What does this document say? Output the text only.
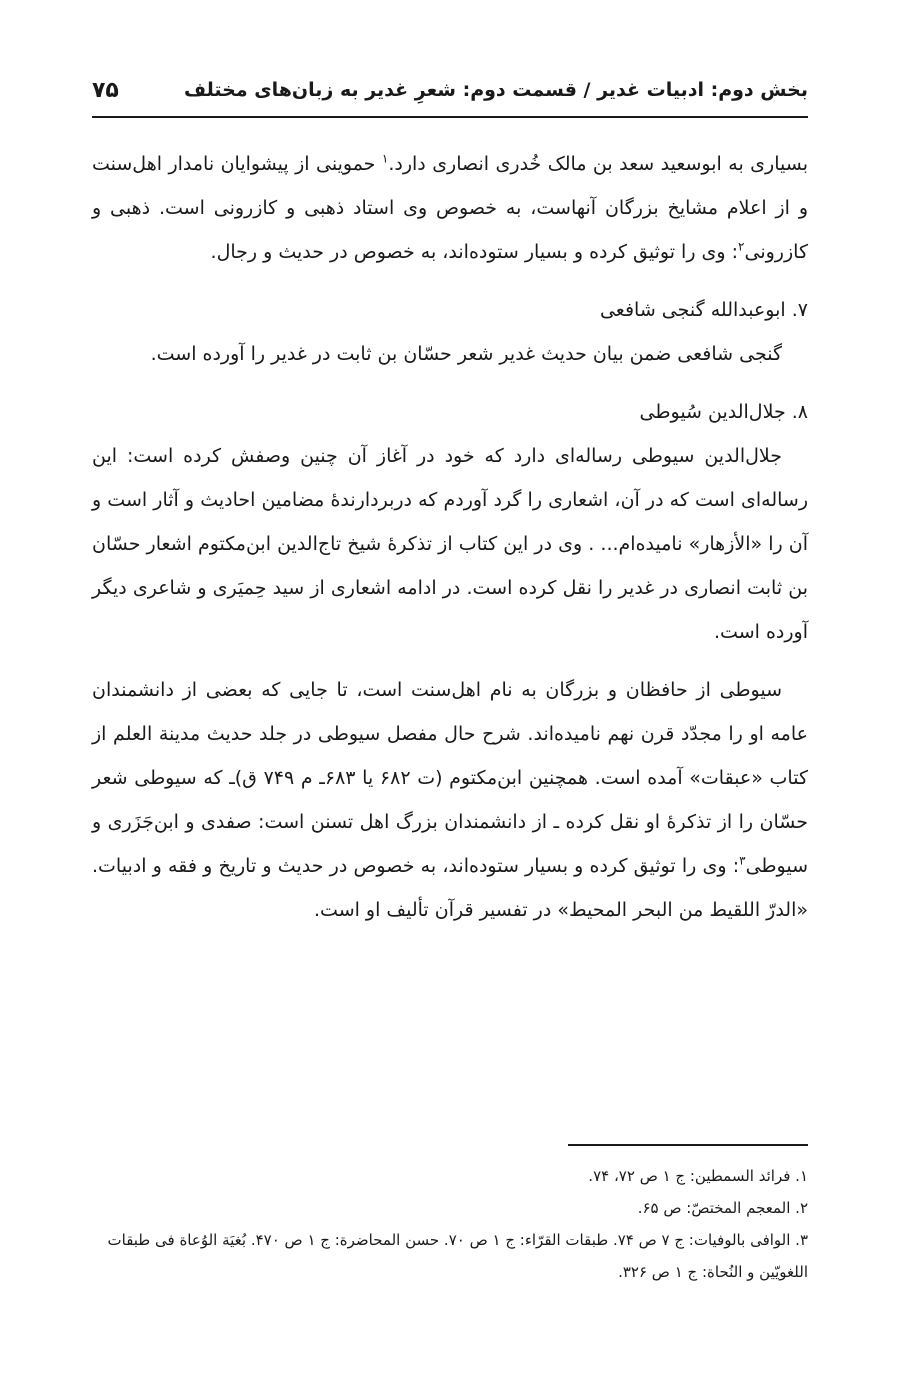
بخش دوم: ادبیات غدیر / قسمت دوم: شعرِ غدیر به زبان‌های مختلف
۷۵

بسیاری به ابوسعید سعد بن مالک خُدری انصاری دارد.$^۱$ حموینی از پیشوایان نامدار اهل‌سنت و از اعلام مشایخ بزرگان آنهاست، به خصوص وی استاد ذهبی و کازرونی است. ذهبی و کازرونی$^۲$: وی را توثیق کرده و بسیار ستوده‌اند، به خصوص در حدیث و رجال.

۷. ابوعبدالله گنجی شافعی

گنجی شافعی ضمن بیان حدیث غدیر شعر حسّان بن ثابت در غدیر را آورده است.

۸. جلال‌الدین سُیوطی

جلال‌الدین سیوطی رساله‌ای دارد که خود در آغاز آن چنین وصفش کرده است: این رساله‌ای است که در آن، اشعاری را گرد آوردم که دربردارندهٔ مضامین احادیث و آثار است و آن را «الأزهار» نامیده‌ام... . وی در این کتاب از تذکرهٔ شیخ تاج‌الدین ابن‌مکتوم اشعار حسّان بن ثابت انصاری در غدیر را نقل کرده است. در ادامه اشعاری از سید حِمیَری و شاعری دیگر آورده است.

سیوطی از حافظان و بزرگان به نام اهل‌سنت است، تا جایی که بعضی از دانشمندان عامه او را مجدّد قرن نهم نامیده‌اند. شرح حال مفصل سیوطی در جلد حدیث مدینة العلم از کتاب «عبقات» آمده است. همچنین ابن‌مکتوم (ت ۶۸۲ یا ۶۸۳ـ م ۷۴۹ ق)ـ که سیوطی شعر حسّان را از تذکرهٔ او نقل کرده ـ از دانشمندان بزرگ اهل تسنن است: صفدی و ابن‌جَزَری و سیوطی$^۳$: وی را توثیق کرده و بسیار ستوده‌اند، به خصوص در حدیث و تاریخ و فقه و ادبیات. «الدرّ اللقیط من البحر المحیط» در تفسیر قرآن تألیف او است.

۱. فرائد السمطین: ج ۱ ص ۷۲، ۷۴.

۲. المعجم المختصّ: ص ۶۵.

۳. الوافی بالوفیات: ج ۷ ص ۷۴. طبقات القرّاء: ج ۱ ص ۷۰. حسن المحاضرة: ج ۱ ص ۴۷۰. بُغیَة الوُعاة فی طبقات اللغویّین و النُحاة: ج ۱ ص ۳۲۶.
